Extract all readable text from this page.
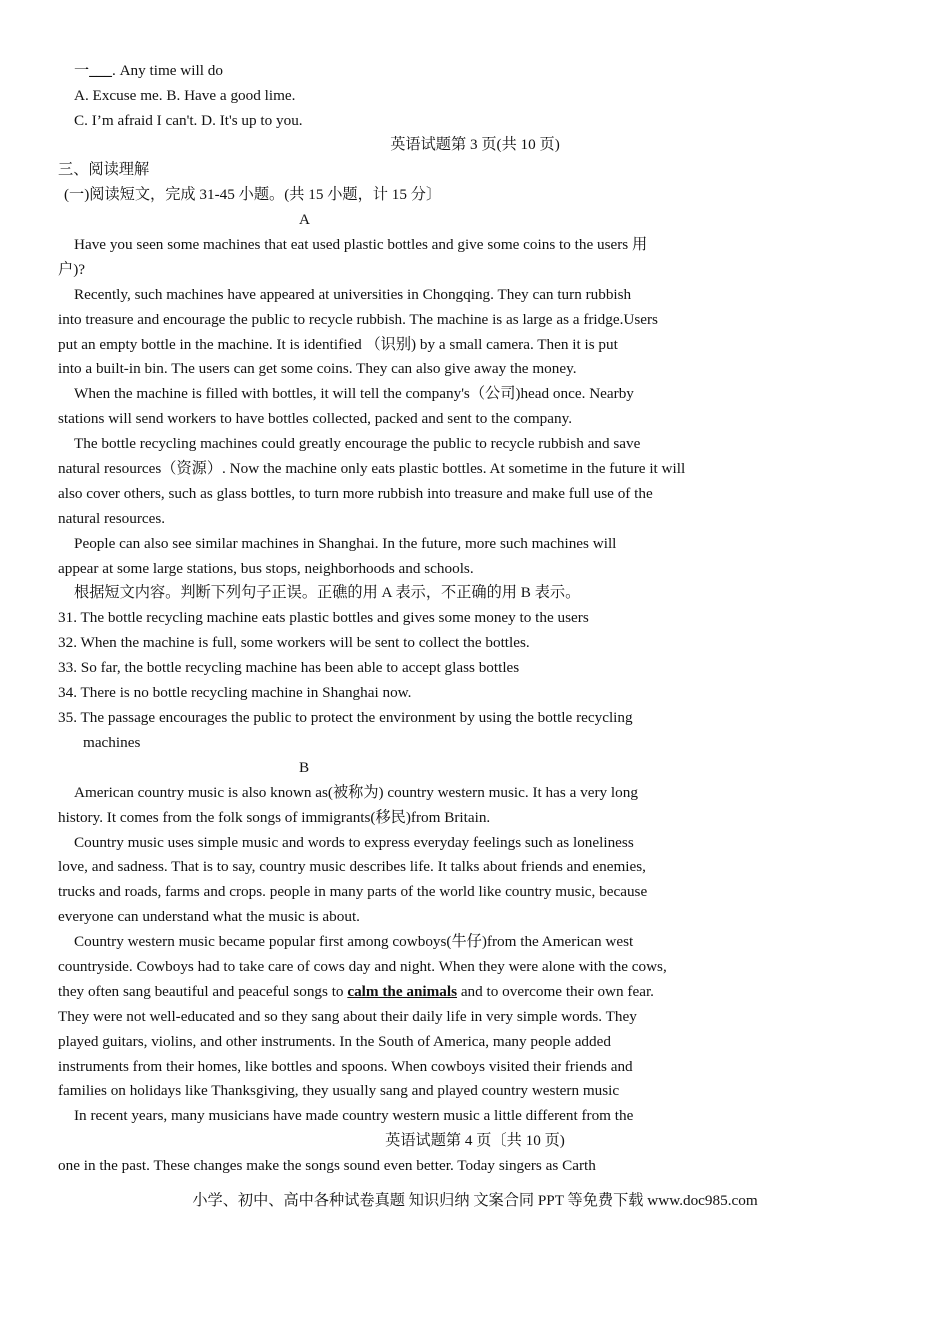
一___. Any time will do
A. Excuse me. B. Have a good lime.
C. I’m afraid I can't. D. It's up to you.
英语试题第 3 页(共 10 页)
三、阅读理解
(一)阅读短文，完成 31-45 小题。(共 15 小题，计 15 分〕
A
Have you seen some machines that eat used plastic bottles and give some coins to the users 用
户)?
Recently, such machines have appeared at universities in Chongqing. They can turn rubbish
into treasure and encourage the public to recycle rubbish. The machine is as large as a fridge.Users
put an empty bottle in the machine. It is identified （识别) by a small camera. Then it is put
into a built-in bin. The users can get some coins. They can also give away the money.
When the machine is filled with bottles, it will tell the company's（公司)head once. Nearby
stations will send workers to have bottles collected, packed and sent to the company.
The bottle recycling machines could greatly encourage the public to recycle rubbish and save
natural resources（资源）. Now the machine only eats plastic bottles. At sometime in the future it will
also cover others, such as glass bottles, to turn more rubbish into treasure and make full use of the
natural resources.
People can also see similar machines in Shanghai. In the future, more such machines will
appear at some large stations, bus stops, neighborhoods and schools.
根据短文内容。判断下列句子正误。正礁的用 A 表示，不正确的用 B 表示。
31. The bottle recycling machine eats plastic bottles and gives some money to the users
32. When the machine is full, some workers will be sent to collect the bottles.
33. So far, the bottle recycling machine has been able to accept glass bottles
34. There is no bottle recycling machine in Shanghai now.
35. The passage encourages the public to protect the environment by using the bottle recycling
machines
B
American country music is also known as(被称为) country western music. It has a very long
history. It comes from the folk songs of immigrants(移民)from Britain.
Country music uses simple music and words to express everyday feelings such as loneliness
love, and sadness. That is to say, country music describes life. It talks about friends and enemies,
trucks and roads, farms and crops. people in many parts of the world like country music, because
everyone can understand what the music is about.
Country western music became popular first among cowboys(牛仔)from the American west
countryside. Cowboys had to take care of cows day and night. When they were alone with the cows,
they often sang beautiful and peaceful songs to calm the animals and to overcome their own fear.
They were not well-educated and so they sang about their daily life in very simple words. They
played guitars, violins, and other instruments. In the South of America, many people added
instruments from their homes, like bottles and spoons. When cowboys visited their friends and
families on holidays like Thanksgiving, they usually sang and played country western music
In recent years, many musicians have made country western music a little different from the
英语试题第 4 页〔共 10 页)
one in the past. These changes make the songs sound even better. Today singers as Carth
小学、初中、高中各种试卷真题 知识归纳 文案合同 PPT 等免费下载 www.doc985.com
